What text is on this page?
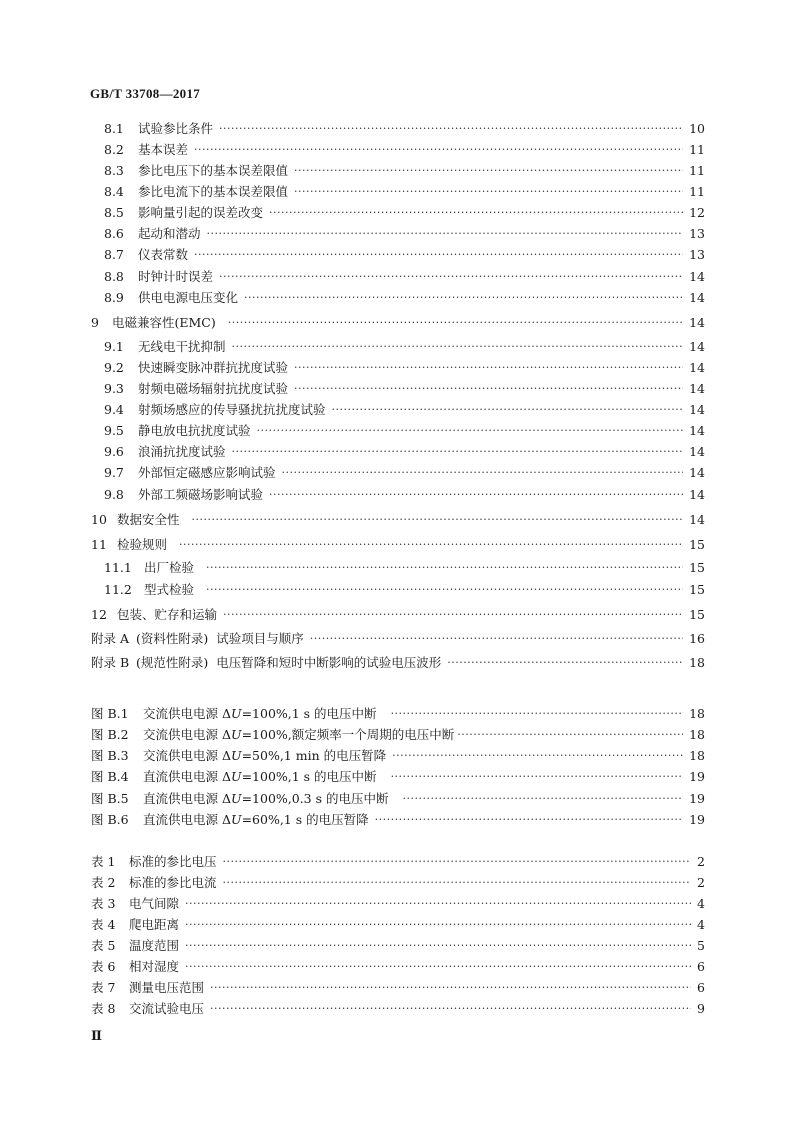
GB/T 33708—2017
8.1	试验参比条件 ·····	10
8.2	基本误差 ·····	11
8.3	参比电压下的基本误差限值 ·····	11
8.4	参比电流下的基本误差限值 ·····	11
8.5	影响量引起的误差改变 ·····	12
8.6	起动和潜动 ·····	13
8.7	仪表常数 ·····	13
8.8	时钟计时误差 ·····	14
8.9	供电电源电压变化 ·····	14
9	电磁兼容性(EMC) ·····	14
9.1	无线电干扰抑制 ·····	14
9.2	快速瞬变脉冲群抗扰度试验 ·····	14
9.3	射频电磁场辐射抗扰度试验 ·····	14
9.4	射频场感应的传导骚扰抗扰度试验 ·····	14
9.5	静电放电抗扰度试验 ·····	14
9.6	浪涌抗扰度试验 ·····	14
9.7	外部恒定磁感应影响试验 ·····	14
9.8	外部工频磁场影响试验 ·····	14
10 数据安全性 ·····	14
11 检验规则 ·····	15
11.1 出厂检验 ·····	15
11.2 型式检验 ·····	15
12 包装、贮存和运输 ·····	15
附录 A (资料性附录)  试验项目与顺序 ·····	16
附录 B (规范性附录)  电压暂降和短时中断影响的试验电压波形 ·····	18
图 B.1	交流供电电源 ΔU=100%,1 s 的电压中断 ·····	18
图 B.2	交流供电电源 ΔU=100%,额定频率一个周期的电压中断 ·····	18
图 B.3	交流供电电源 ΔU=50%,1 min 的电压暂降 ·····	18
图 B.4	直流供电电源 ΔU=100%,1 s 的电压中断 ·····	19
图 B.5	直流供电电源 ΔU=100%,0.3 s 的电压中断 ·····	19
图 B.6	直流供电电源 ΔU=60%,1 s 的电压暂降 ·····	19
表 1	标准的参比电压 ·····	2
表 2	标准的参比电流 ·····	2
表 3	电气间隙 ·····	4
表 4	爬电距离 ·····	4
表 5	温度范围 ·····	5
表 6	相对湿度 ·····	6
表 7	测量电压范围 ·····	6
表 8	交流试验电压 ·····	9
Ⅱ
